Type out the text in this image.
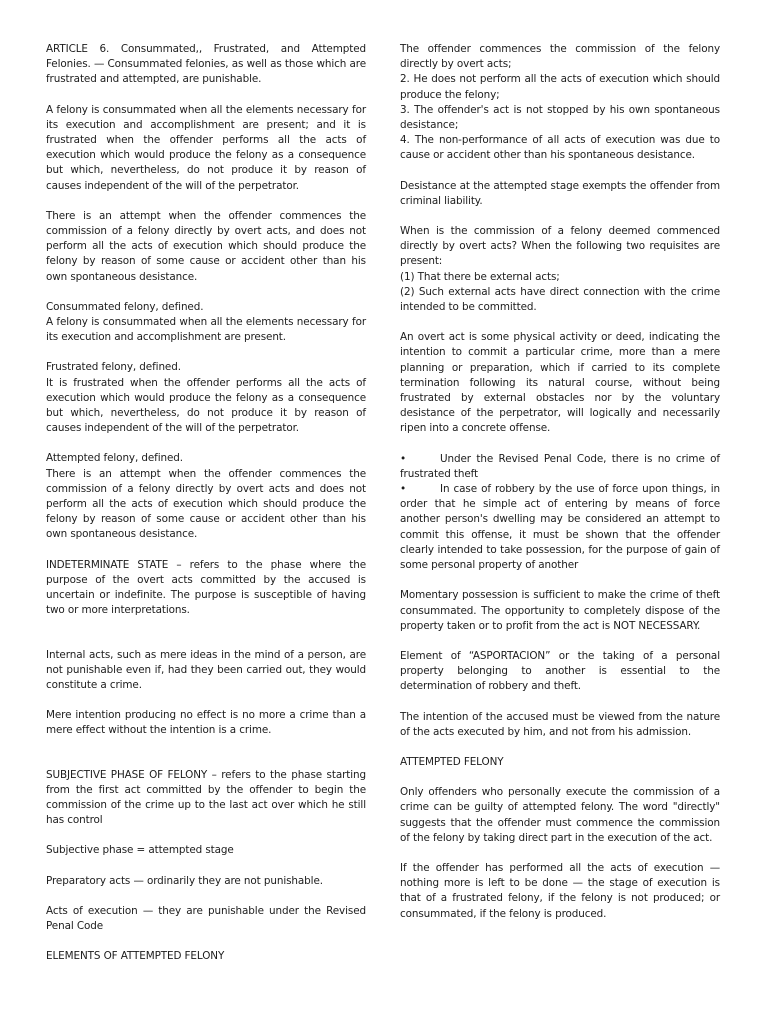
ARTICLE 6. Consummated,, Frustrated, and Attempted Felonies. — Consummated felonies, as well as those which are frustrated and attempted, are punishable.

A felony is consummated when all the elements necessary for its execution and accomplishment are present; and it is frustrated when the offender performs all the acts of execution which would produce the felony as a consequence but which, nevertheless, do not produce it by reason of causes independent of the will of the perpetrator.

There is an attempt when the offender commences the commission of a felony directly by overt acts, and does not perform all the acts of execution which should produce the felony by reason of some cause or accident other than his own spontaneous desistance.

Consummated felony, defined.
A felony is consummated when all the elements necessary for its execution and accomplishment are present.
Frustrated felony, defined.
It is frustrated when the offender performs all the acts of execution which would produce the felony as a consequence but which, nevertheless, do not produce it by reason of causes independent of the will of the perpetrator.
Attempted felony, defined.
There is an attempt when the offender commences the commission of a felony directly by overt acts and does not perform all the acts of execution which should produce the felony by reason of some cause or accident other than his own spontaneous desistance.

INDETERMINATE STATE – refers to the phase where the purpose of the overt acts committed by the accused is uncertain or indefinite. The purpose is susceptible of having two or more interpretations.

Internal acts, such as mere ideas in the mind of a person, are not punishable even if, had they been carried out, they would constitute a crime.

Mere intention producing no effect is no more a crime than a mere effect without the intention is a crime.

SUBJECTIVE PHASE OF FELONY – refers to the phase starting from the first act committed by the offender to begin the commission of the crime up to the last act over which he still has control

Subjective phase = attempted stage

Preparatory acts — ordinarily they are not punishable.

Acts of execution — they are punishable under the Revised Penal Code

ELEMENTS OF ATTEMPTED FELONY

The offender commences the commission of the felony directly by overt acts;
2. He does not perform all the acts of execution which should produce the felony;
3. The offender's act is not stopped by his own spontaneous desistance;
4. The non-performance of all acts of execution was due to cause or accident other than his spontaneous desistance.

Desistance at the attempted stage exempts the offender from criminal liability.

When is the commission of a felony deemed commenced directly by overt acts? When the following two requisites are present:
(1) That there be external acts;
(2) Such external acts have direct connection with the crime intended to be committed.

An overt act is some physical activity or deed, indicating the intention to commit a particular crime, more than a mere planning or preparation, which if carried to its complete termination following its natural course, without being frustrated by external obstacles nor by the voluntary desistance of the perpetrator, will logically and necessarily ripen into a concrete offense.

•	Under the Revised Penal Code, there is no crime of frustrated theft
•	In case of robbery by the use of force upon things, in order that he simple act of entering by means of force another person's dwelling may be considered an attempt to commit this offense, it must be shown that the offender clearly intended to take possession, for the purpose of gain of some personal property of another

Momentary possession is sufficient to make the crime of theft consummated. The opportunity to completely dispose of the property taken or to profit from the act is NOT NECESSARY.

Element of “ASPORTACION” or the taking of a personal property belonging to another is essential to the determination of robbery and theft.

The intention of the accused must be viewed from the nature of the acts executed by him, and not from his admission.

ATTEMPTED FELONY

Only offenders who personally execute the commission of a crime can be guilty of attempted felony. The word "directly" suggests that the offender must commence the commission of the felony by taking direct part in the execution of the act.

If the offender has performed all the acts of execution — nothing more is left to be done — the stage of execution is that of a frustrated felony, if the felony is not produced; or consummated, if the felony is produced.
